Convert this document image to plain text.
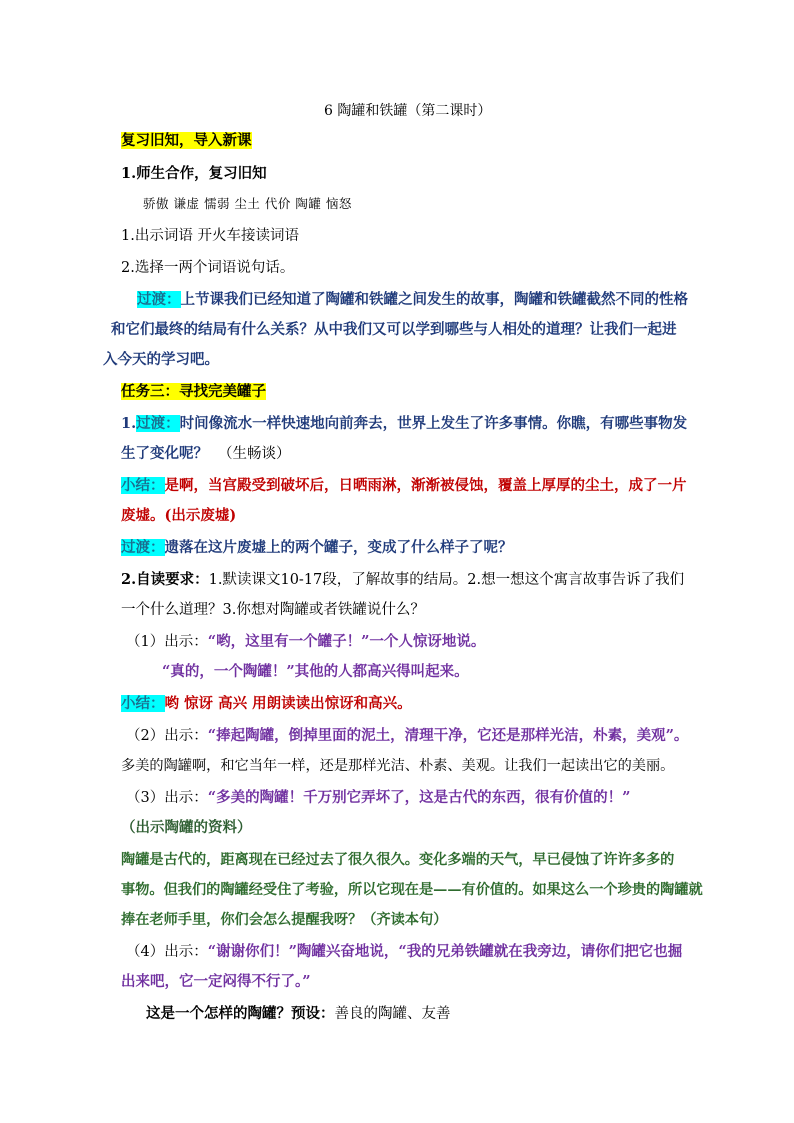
6 陶罐和铁罐（第二课时）
复习旧知，导入新课
1.师生合作，复习旧知
骄傲 谦虚 懦弱 尘土 代价 陶罐 恼怒
1.出示词语 开火车接读词语
2.选择一两个词语说句话。
过渡：上节课我们已经知道了陶罐和铁罐之间发生的故事，陶罐和铁罐截然不同的性格
和它们最终的结局有什么关系？从中我们又可以学到哪些与人相处的道理？让我们一起进
入今天的学习吧。
任务三：寻找完美罐子
1.过渡：时间像流水一样快速地向前奔去，世界上发生了许多事情。你瞧，有哪些事物发
生了变化呢？ （生畅谈）
小结：是啊，当宫殿受到破坏后，日晒雨淋，渐渐被侵蚀，覆盖上厚厚的尘土，成了一片
废墟。(出示废墟)
过渡：遗落在这片废墟上的两个罐子，变成了什么样子了呢？
2.自读要求：1.默读课文10-17段，了解故事的结局。2.想一想这个寓言故事告诉了我们
一个什么道理？3.你想对陶罐或者铁罐说什么？
（1）出示：“哟，这里有一个罐子！”一个人惊讶地说。
“真的，一个陶罐！”其他的人都高兴得叫起来。
小结：哟 惊讶 高兴 用朗读读出惊讶和高兴。
（2）出示：“捧起陶罐，倒掉里面的泥土，清理干净，它还是那样光洁，朴素，美观”。
多美的陶罐啊，和它当年一样，还是那样光洁、朴素、美观。让我们一起读出它的美丽。
（3）出示：“多美的陶罐！千万别它弄坏了，这是古代的东西，很有价值的！”
（出示陶罐的资料）
陶罐是古代的，距离现在已经过去了很久很久。变化多端的天气，早已侵蚀了许许多多的
事物。但我们的陶罐经受住了考验，所以它现在是——有价值的。如果这么一个珍贵的陶罐就
捧在老师手里，你们会怎么提醒我呀？（齐读本句）
（4）出示：“谢谢你们！”陶罐兴奋地说，“我的兄弟铁罐就在我旁边，请你们把它也掘
出来吧，它一定闷得不行了。”
这是一个怎样的陶罐？预设：善良的陶罐、友善
